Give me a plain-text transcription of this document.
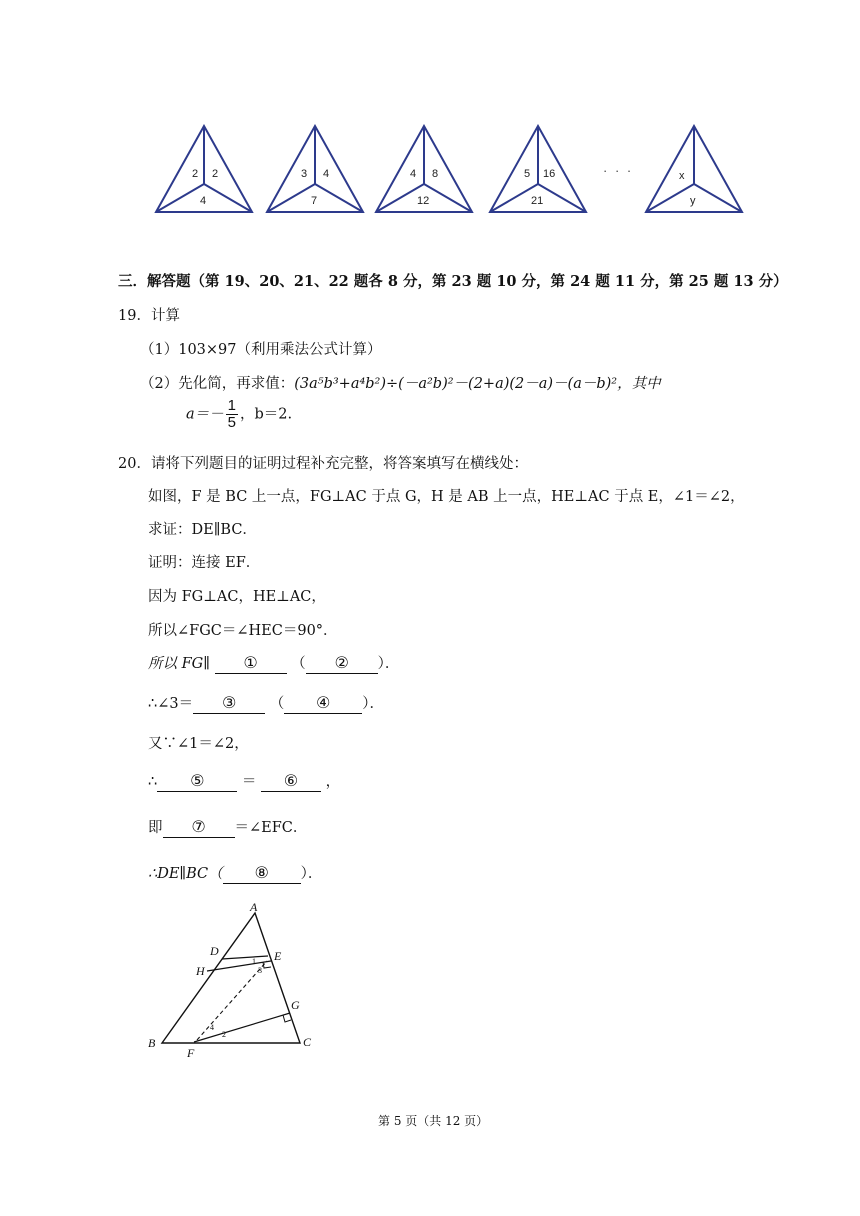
2 2
4
3 4
7
4 8
12
5 16
21
x
y
· · ·
三．解答题（第 19、20、21、22 题各 8 分，第 23 题 10 分，第 24 题 11 分，第 25 题 13 分）
19．计算
（1）103×97（利用乘法公式计算）
（2）先化简，再求值：(3a⁵b³+a⁴b²)÷(－a²b)²－(2+a)(2－a)－(a－b)²，其中
$a=- \frac{1}{5}$ ，b＝2.
20．请将下列题目的证明过程补充完整，将答案填写在横线处：
如图，F 是 BC 上一点，FG⊥AC 于点 G，H 是 AB 上一点，HE⊥AC 于点 E，∠1＝∠2，
求证：DE∥BC．
证明：连接 EF．
因为 FG⊥AC，HE⊥AC，
所以∠FGC＝∠HEC＝90°．
所以 FG∥ ① （ ② ）．
∴∠3＝ ③ （ ④ ）．
又∵∠1＝∠2，
∴ ⑤	＝ ⑥ ，
即 ⑦ ＝∠EFC．
∴DE∥BC（ ⑧ ）．
A
B	C
D	E
F
G
H
1
2
3
4
第 5 页（共 12 页）
